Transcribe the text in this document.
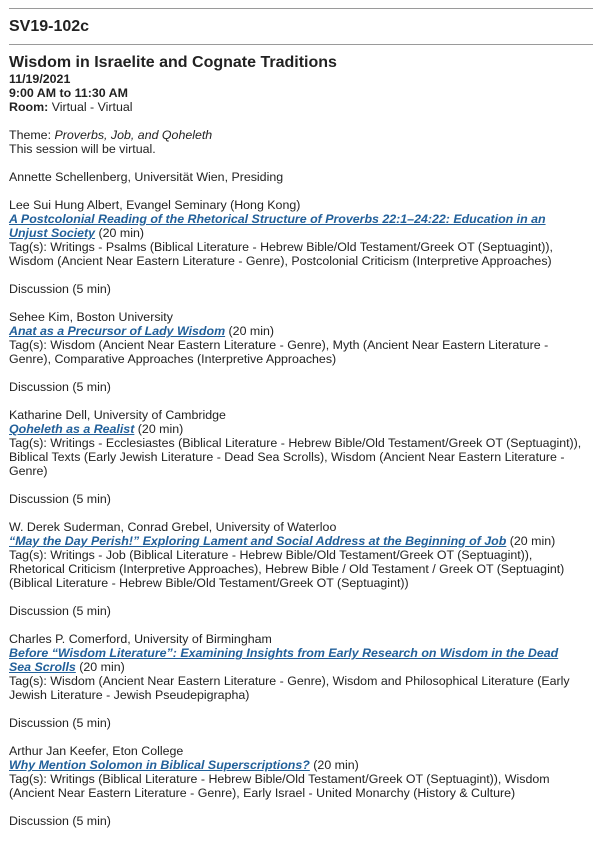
SV19-102c
Wisdom in Israelite and Cognate Traditions
11/19/2021
9:00 AM to 11:30 AM
Room: Virtual - Virtual
Theme: Proverbs, Job, and Qoheleth
This session will be virtual.
Annette Schellenberg, Universität Wien, Presiding
Lee Sui Hung Albert, Evangel Seminary (Hong Kong)
A Postcolonial Reading of the Rhetorical Structure of Proverbs 22:1–24:22: Education in an
Unjust Society (20 min)
Tag(s): Writings - Psalms (Biblical Literature - Hebrew Bible/Old Testament/Greek OT (Septuagint)),
Wisdom (Ancient Near Eastern Literature - Genre), Postcolonial Criticism (Interpretive Approaches)
Discussion (5 min)
Sehee Kim, Boston University
Anat as a Precursor of Lady Wisdom (20 min)
Tag(s): Wisdom (Ancient Near Eastern Literature - Genre), Myth (Ancient Near Eastern Literature -
Genre), Comparative Approaches (Interpretive Approaches)
Discussion (5 min)
Katharine Dell, University of Cambridge
Qoheleth as a Realist (20 min)
Tag(s): Writings - Ecclesiastes (Biblical Literature - Hebrew Bible/Old Testament/Greek OT (Septuagint)),
Biblical Texts (Early Jewish Literature - Dead Sea Scrolls), Wisdom (Ancient Near Eastern Literature -
Genre)
Discussion (5 min)
W. Derek Suderman, Conrad Grebel, University of Waterloo
“May the Day Perish!” Exploring Lament and Social Address at the Beginning of Job (20 min)
Tag(s): Writings - Job (Biblical Literature - Hebrew Bible/Old Testament/Greek OT (Septuagint)),
Rhetorical Criticism (Interpretive Approaches), Hebrew Bible / Old Testament / Greek OT (Septuagint)
(Biblical Literature - Hebrew Bible/Old Testament/Greek OT (Septuagint))
Discussion (5 min)
Charles P. Comerford, University of Birmingham
Before “Wisdom Literature”: Examining Insights from Early Research on Wisdom in the Dead
Sea Scrolls (20 min)
Tag(s): Wisdom (Ancient Near Eastern Literature - Genre), Wisdom and Philosophical Literature (Early
Jewish Literature - Jewish Pseudepigrapha)
Discussion (5 min)
Arthur Jan Keefer, Eton College
Why Mention Solomon in Biblical Superscriptions? (20 min)
Tag(s): Writings (Biblical Literature - Hebrew Bible/Old Testament/Greek OT (Septuagint)), Wisdom
(Ancient Near Eastern Literature - Genre), Early Israel - United Monarchy (History & Culture)
Discussion (5 min)
